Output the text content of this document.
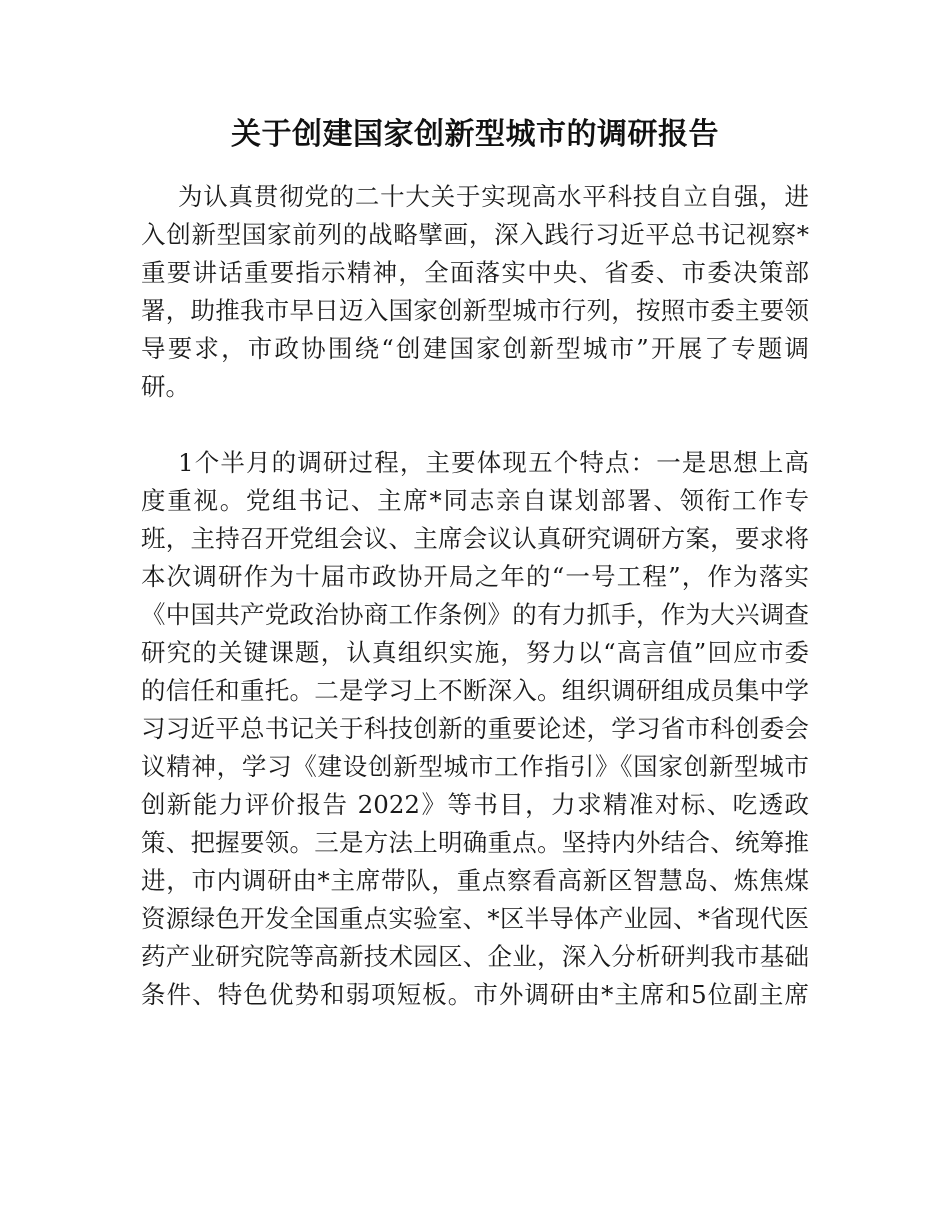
关于创建国家创新型城市的调研报告
为认真贯彻党的二十大关于实现高水平科技自立自强，进
入创新型国家前列的战略擘画，深入践行习近平总书记视察*
重要讲话重要指示精神，全面落实中央、省委、市委决策部
署，助推我市早日迈入国家创新型城市行列，按照市委主要领
导要求，市政协围绕“创建国家创新型城市”开展了专题调
研。
1个半月的调研过程，主要体现五个特点：一是思想上高
度重视。党组书记、主席*同志亲自谋划部署、领衔工作专
班，主持召开党组会议、主席会议认真研究调研方案，要求将
本次调研作为十届市政协开局之年的“一号工程”，作为落实
《中国共产党政治协商工作条例》的有力抓手，作为大兴调查
研究的关键课题，认真组织实施，努力以“高言值”回应市委
的信任和重托。二是学习上不断深入。组织调研组成员集中学
习习近平总书记关于科技创新的重要论述，学习省市科创委会
议精神，学习《建设创新型城市工作指引》《国家创新型城市
创新能力评价报告 2022》等书目，力求精准对标、吃透政
策、把握要领。三是方法上明确重点。坚持内外结合、统筹推
进，市内调研由*主席带队，重点察看高新区智慧岛、炼焦煤
资源绿色开发全国重点实验室、*区半导体产业园、*省现代医
药产业研究院等高新技术园区、企业，深入分析研判我市基础
条件、特色优势和弱项短板。市外调研由*主席和5位副主席
